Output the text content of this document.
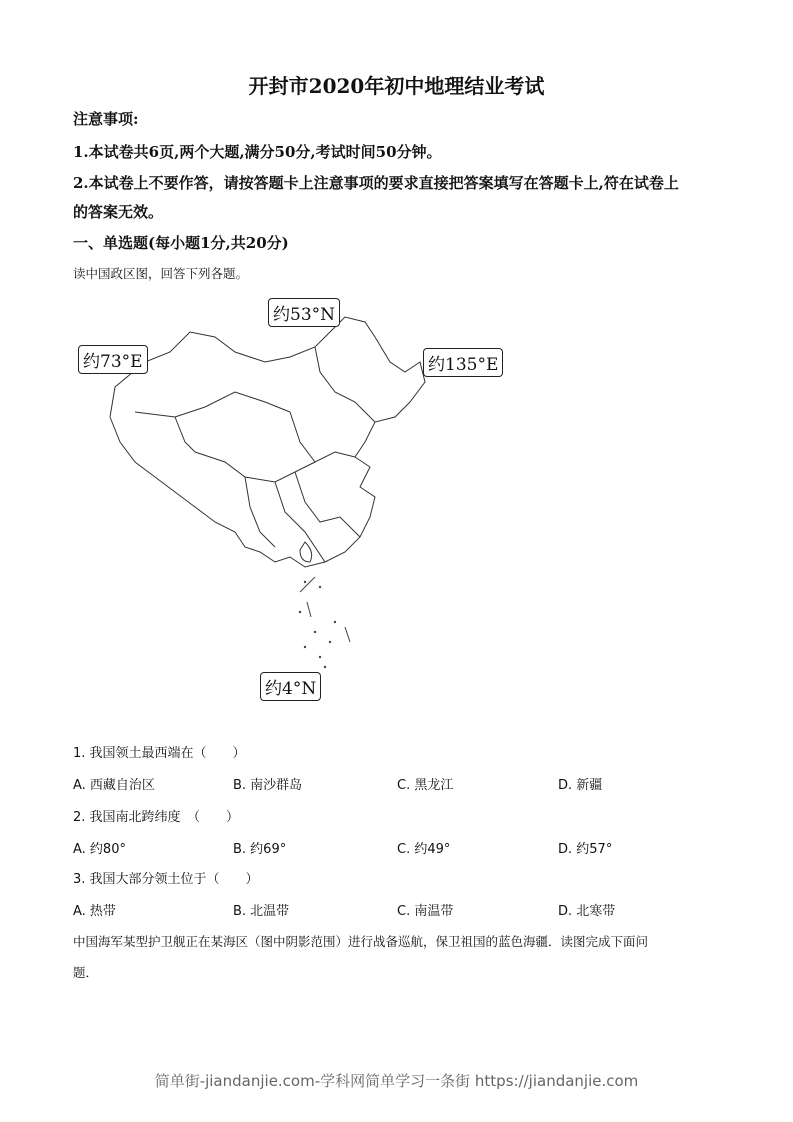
开封市2020年初中地理结业考试
注意事项:
1.本试卷共6页,两个大题,满分50分,考试时间50分钟。
2.本试卷上不要作答，请按答题卡上注意事项的要求直接把答案填写在答题卡上,符在试卷上
的答案无效。
一、单选题(每小题1分,共20分)
读中国政区图，回答下列各题。
约53°N
约73°E	约135°E
约4°N
1. 我国领土最西端在（　　）
A. 西藏自治区	B. 南沙群岛	C. 黑龙江	D. 新疆
2. 我国南北跨纬度　（　　）
A. 约80°	B. 约69°	C. 约49°	D. 约57°
3. 我国大部分领土位于（　　）
A. 热带	B. 北温带	C. 南温带	D. 北寒带
中国海军某型护卫舰正在某海区（图中阴影范围）进行战备巡航，保卫祖国的蓝色海疆．读图完成下面问
题．
简单街-jiandanjie.com-学科网简单学习一条街 https://jiandanjie.com
